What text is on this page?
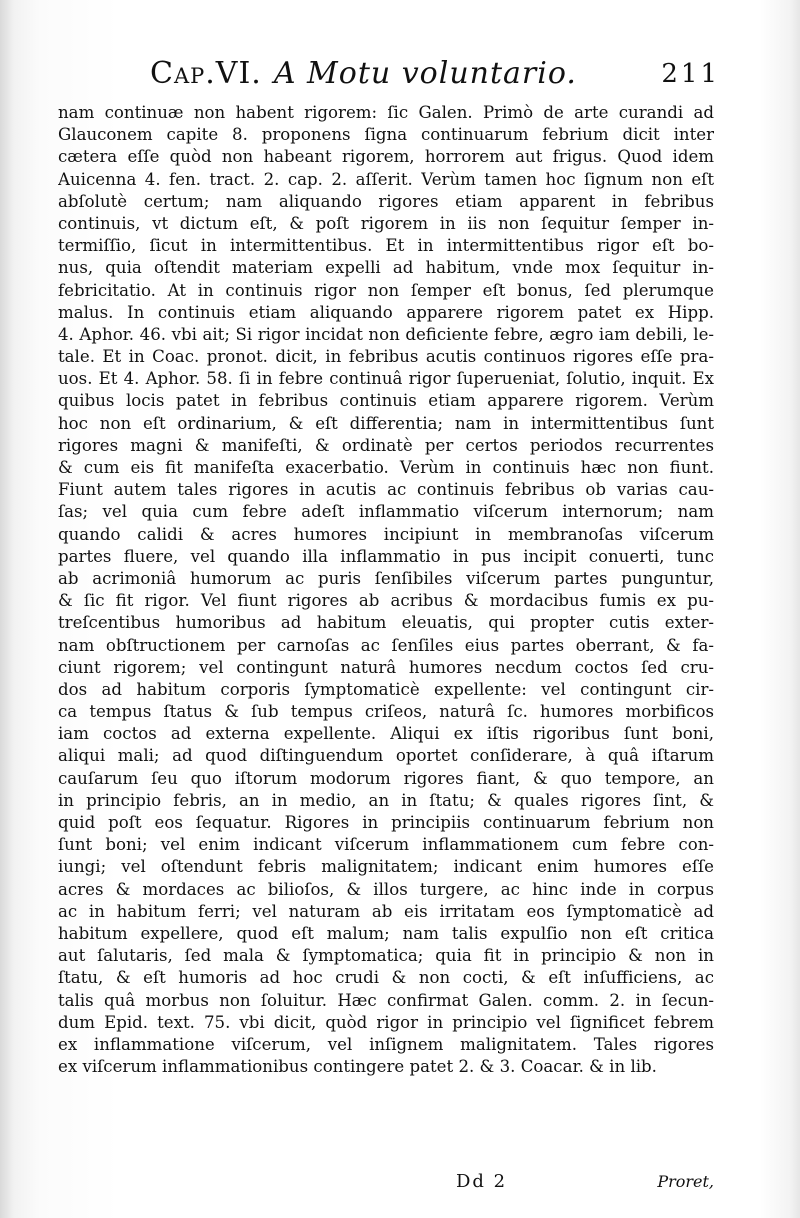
Cap.VI. A Motu voluntario.	211
nam continuæ non habent rigorem: ſic Galen. Primò de arte curandi ad
Glauconem capite 8. proponens ſigna continuarum febrium dicit inter
cætera eſſe quòd non habeant rigorem, horrorem aut frigus. Quod idem
Auicenna 4. fen. tract. 2. cap. 2. aſſerit. Verùm tamen hoc ſignum non eſt
abſolutè certum; nam aliquando rigores etiam apparent in febribus
continuis, vt dictum eſt, & poſt rigorem in iis non ſequitur ſemper in-
termiſſio, ſicut in intermittentibus. Et in intermittentibus rigor eſt bo-
nus, quia oſtendit materiam expelli ad habitum, vnde mox ſequitur in-
febricitatio. At in continuis rigor non ſemper eſt bonus, ſed plerumque
malus. In continuis etiam aliquando apparere rigorem patet ex Hipp.
4. Aphor. 46. vbi ait; Si rigor incidat non deficiente febre, ægro iam debili, le-
tale. Et in Coac. pronot. dicit, in febribus acutis continuos rigores eſſe pra-
uos. Et 4. Aphor. 58. ſi in febre continuâ rigor ſuperueniat, ſolutio, inquit. Ex
quibus locis patet in febribus continuis etiam apparere rigorem. Verùm
hoc non eſt ordinarium, & eſt differentia; nam in intermittentibus ſunt
rigores magni & manifeſti, & ordinatè per certos periodos recurrentes
& cum eis fit manifeſta exacerbatio. Verùm in continuis hæc non fiunt.
Fiunt autem tales rigores in acutis ac continuis febribus ob varias cau-
ſas; vel quia cum febre adeſt inflammatio viſcerum internorum; nam
quando calidi & acres humores incipiunt in membranoſas viſcerum
partes fluere, vel quando illa inflammatio in pus incipit conuerti, tunc
ab acrimoniâ humorum ac puris ſenſibiles viſcerum partes punguntur,
& ſic fit rigor. Vel fiunt rigores ab acribus & mordacibus fumis ex pu-
treſcentibus humoribus ad habitum eleuatis, qui propter cutis exter-
nam obſtructionem per carnoſas ac ſenſiles eius partes oberrant, & fa-
ciunt rigorem; vel contingunt naturâ humores necdum coctos ſed cru-
dos ad habitum corporis ſymptomaticè expellente: vel contingunt cir-
ca tempus ſtatus & ſub tempus criſeos, naturâ ſc. humores morbificos
iam coctos ad externa expellente. Aliqui ex iſtis rigoribus ſunt boni,
aliqui mali; ad quod diſtinguendum oportet conſiderare, à quâ iſtarum
cauſarum ſeu quo iſtorum modorum rigores fiant, & quo tempore, an
in principio febris, an in medio, an in ſtatu; & quales rigores ſint, &
quid poſt eos ſequatur. Rigores in principiis continuarum febrium non
ſunt boni; vel enim indicant viſcerum inflammationem cum febre con-
iungi; vel oſtendunt febris malignitatem; indicant enim humores eſſe
acres & mordaces ac bilioſos, & illos turgere, ac hinc inde in corpus
ac in habitum ferri; vel naturam ab eis irritatam eos ſymptomaticè ad
habitum expellere, quod eſt malum; nam talis expulſio non eſt critica
aut ſalutaris, ſed mala & ſymptomatica; quia fit in principio & non in
ſtatu, & eſt humoris ad hoc crudi & non cocti, & eſt inſufficiens, ac
talis quâ morbus non ſoluitur. Hæc confirmat Galen. comm. 2. in ſecun-
dum Epid. text. 75. vbi dicit, quòd rigor in principio vel ſignificet febrem
ex inflammatione viſcerum, vel inſignem malignitatem. Tales rigores
ex viſcerum inflammationibus contingere patet 2. & 3. Coacar. & in lib.
Dd 2	Proret,
